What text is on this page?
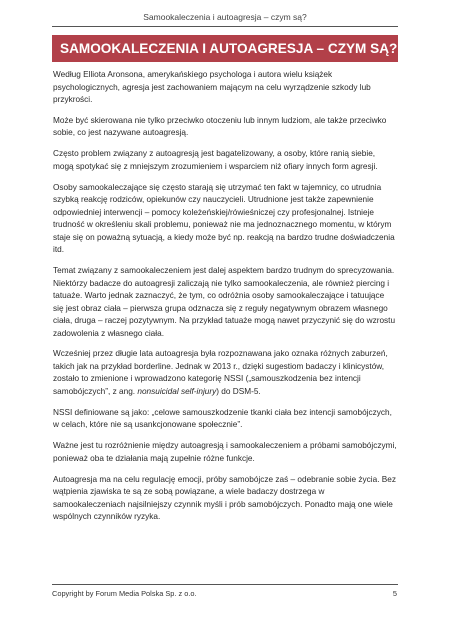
Samookaleczenia i autoagresja – czym są?
SAMOOKALECZENIA I AUTOAGRESJA – CZYM SĄ?

Według Elliota Aronsona, amerykańskiego psychologa i autora wielu książek psychologicznych, agresja jest zachowaniem mającym na celu wyrządzenie szkody lub przykrości.

Może być skierowana nie tylko przeciwko otoczeniu lub innym ludziom, ale także przeciwko sobie, co jest nazywane autoagresją.

Często problem związany z autoagresją jest bagatelizowany, a osoby, które ranią siebie, mogą spotykać się z mniejszym zrozumieniem i wsparciem niż ofiary innych form agresji.

Osoby samookaleczające się często starają się utrzymać ten fakt w tajemnicy, co utrudnia szybką reakcję rodziców, opiekunów czy nauczycieli. Utrudnione jest także zapewnienie odpowiedniej interwencji – pomocy koleżeńskiej/rówieśniczej czy profesjonalnej. Istnieje trudność w określeniu skali problemu, ponieważ nie ma jednoznacznego momentu, w którym staje się on poważną sytuacją, a kiedy może być np. reakcją na bardzo trudne doświadczenia itd.

Temat związany z samookaleczeniem jest dalej aspektem bardzo trudnym do sprecyzowania. Niektórzy badacze do autoagresji zaliczają nie tylko samookaleczenia, ale również piercing i tatuaże. Warto jednak zaznaczyć, że tym, co odróżnia osoby samookaleczające i tatuujące się jest obraz ciała – pierwsza grupa odznacza się z reguły negatywnym obrazem własnego ciała, druga – raczej pozytywnym. Na przykład tatuaże mogą nawet przyczynić się do wzrostu zadowolenia z własnego ciała.

Wcześniej przez długie lata autoagresja była rozpoznawana jako oznaka różnych zaburzeń, takich jak na przykład borderline. Jednak w 2013 r., dzięki sugestiom badaczy i klinicystów, zostało to zmienione i wprowadzono kategorię NSSI („samouszkodzenia bez intencji samobójczych”, z ang. nonsuicidal self-injury) do DSM-5.

NSSI definiowane są jako: „celowe samouszkodzenie tkanki ciała bez intencji samobójczych, w celach, które nie są usankcjonowane społecznie”.

Ważne jest tu rozróżnienie między autoagresją i samookaleczeniem a próbami samobójczymi, ponieważ oba te działania mają zupełnie różne funkcje.

Autoagresja ma na celu regulację emocji, próby samobójcze zaś – odebranie sobie życia. Bez wątpienia zjawiska te są ze sobą powiązane, a wiele badaczy dostrzega w samookaleczeniach najsilniejszy czynnik myśli i prób samobójczych. Ponadto mają one wiele wspólnych czynników ryzyka.

Copyright by Forum Media Polska Sp. z o.o.	5
